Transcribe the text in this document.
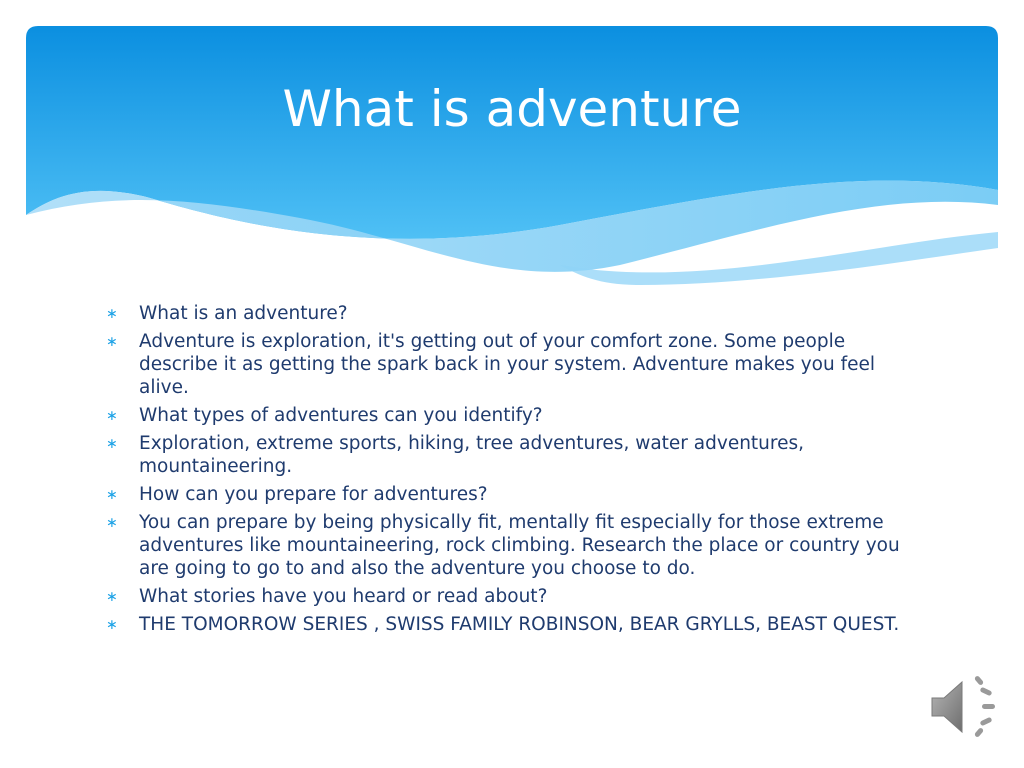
What is adventure
∗ What is an adventure?
∗ Adventure is exploration, it's getting out of your comfort zone. Some people describe it as getting the spark back in your system. Adventure makes you feel alive.
∗ What types of adventures can you identify?
∗ Exploration, extreme sports, hiking, tree adventures, water adventures, mountaineering.
∗ How can you prepare for adventures?
∗ You can prepare by being physically fit, mentally fit especially for those extreme adventures like mountaineering, rock climbing. Research the place or country you are going to go to and also the adventure you choose to do.
∗ What stories have you heard or read about?
∗ THE TOMORROW SERIES , SWISS FAMILY ROBINSON, BEAR GRYLLS, BEAST QUEST.
